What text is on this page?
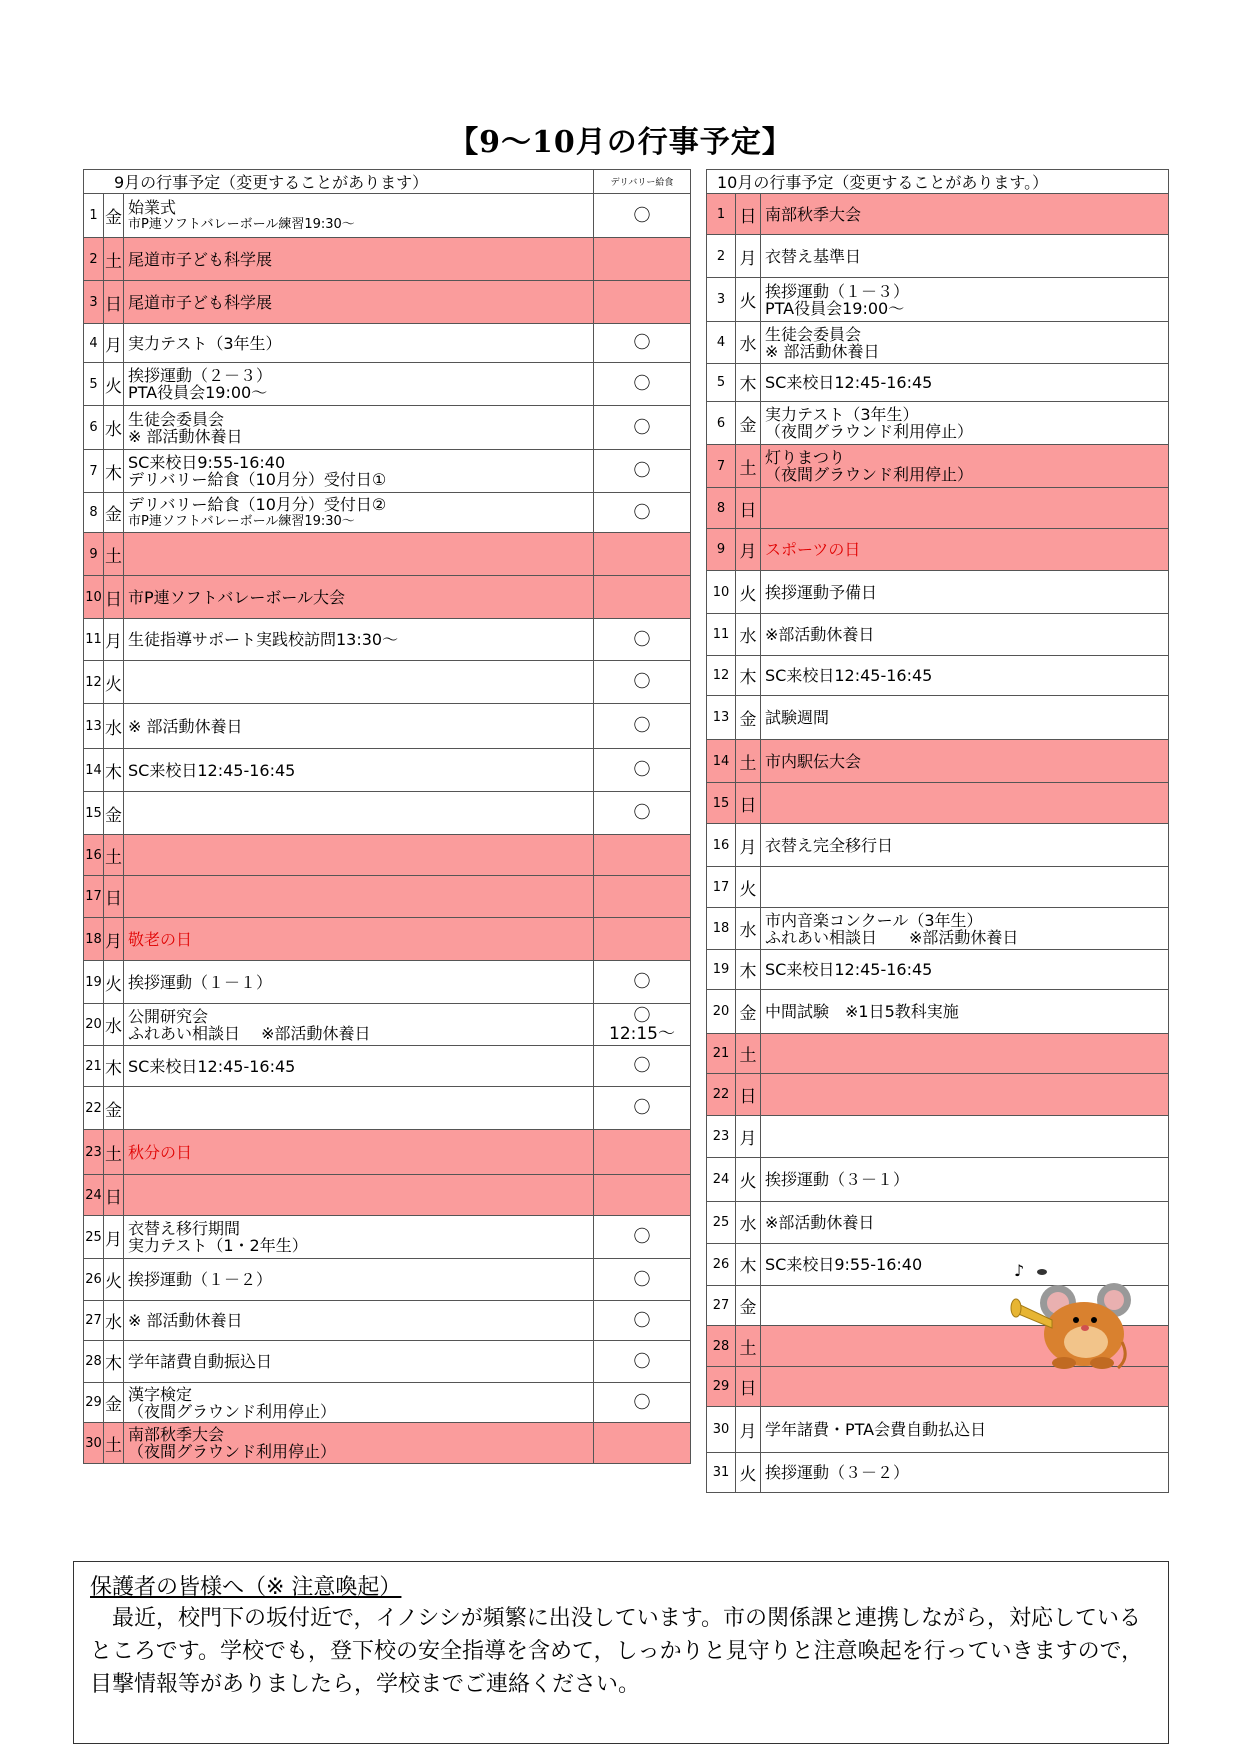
【9～10月の行事予定】
9月の行事予定（変更することがあります）			デリバリー給食
1	金	始業式
市P連ソフトバレーボール練習19:30～	〇

2	土	尾道市子ども科学展	

3	日	尾道市子ども科学展	

4	月	実力テスト（3年生）	〇

5	火	挨拶運動（２－３）
PTA役員会19:00～	〇

6	水	生徒会委員会
※ 部活動休養日	〇

7	木	SC来校日9:55-16:40
デリバリー給食（10月分）受付日①	〇

8	金	デリバリー給食（10月分）受付日②
市P連ソフトバレーボール練習19:30～	〇

9	土	

10	日	市P連ソフトバレーボール大会	

11	月	生徒指導サポート実践校訪問13:30～	〇

12	火		〇

13	水	※ 部活動休養日	〇

14	木	SC来校日12:45-16:45	〇

15	金		〇

16	土	

17	日	

18	月	敬老の日	

19	火	挨拶運動（１－１）	〇

20	水	公開研究会
ふれあい相談日　 ※部活動休養日	〇
12:15～

21	木	SC来校日12:45-16:45	〇

22	金		〇

23	土	秋分の日	

24	日	

25	月	衣替え移行期間
実力テスト（1・2年生）	〇

26	火	挨拶運動（１－２）	〇

27	水	※ 部活動休養日	〇

28	木	学年諸費自動振込日	〇

29	金	漢字検定
（夜間グラウンド利用停止）	〇

30	土	南部秋季大会
（夜間グラウンド利用停止）	

10月の行事予定（変更することがあります。）		
1	日	南部秋季大会

2	月	衣替え基準日

3	火	挨拶運動（１－３）
PTA役員会19:00～

4	水	生徒会委員会
※ 部活動休養日

5	木	SC来校日12:45-16:45

6	金	実力テスト（3年生）
（夜間グラウンド利用停止）

7	土	灯りまつり
（夜間グラウンド利用停止）

8	日	

9	月	スポーツの日

10	火	挨拶運動予備日

11	水	※部活動休養日

12	木	SC来校日12:45-16:45

13	金	試験週間

14	土	市内駅伝大会

15	日	

16	月	衣替え完全移行日

17	火	

18	水	市内音楽コンクール（3年生）
ふれあい相談日　　※部活動休養日

19	木	SC来校日12:45-16:45

20	金	中間試験　※1日5教科実施

21	土	

22	日	

23	月	

24	火	挨拶運動（３－１）

25	水	※部活動休養日

26	木	SC来校日9:55-16:40

27	金	

28	土	

29	日	

30	月	学年諸費・PTA会費自動払込日

31	火	挨拶運動（３－２）
♪
保護者の皆様へ（※ 注意喚起）
　最近，校門下の坂付近で，イノシシが頻繁に出没しています。市の関係課と連携しながら，対応しているところです。学校でも，登下校の安全指導を含めて，しっかりと見守りと注意喚起を行っていきますので，目撃情報等がありましたら，学校までご連絡ください。
